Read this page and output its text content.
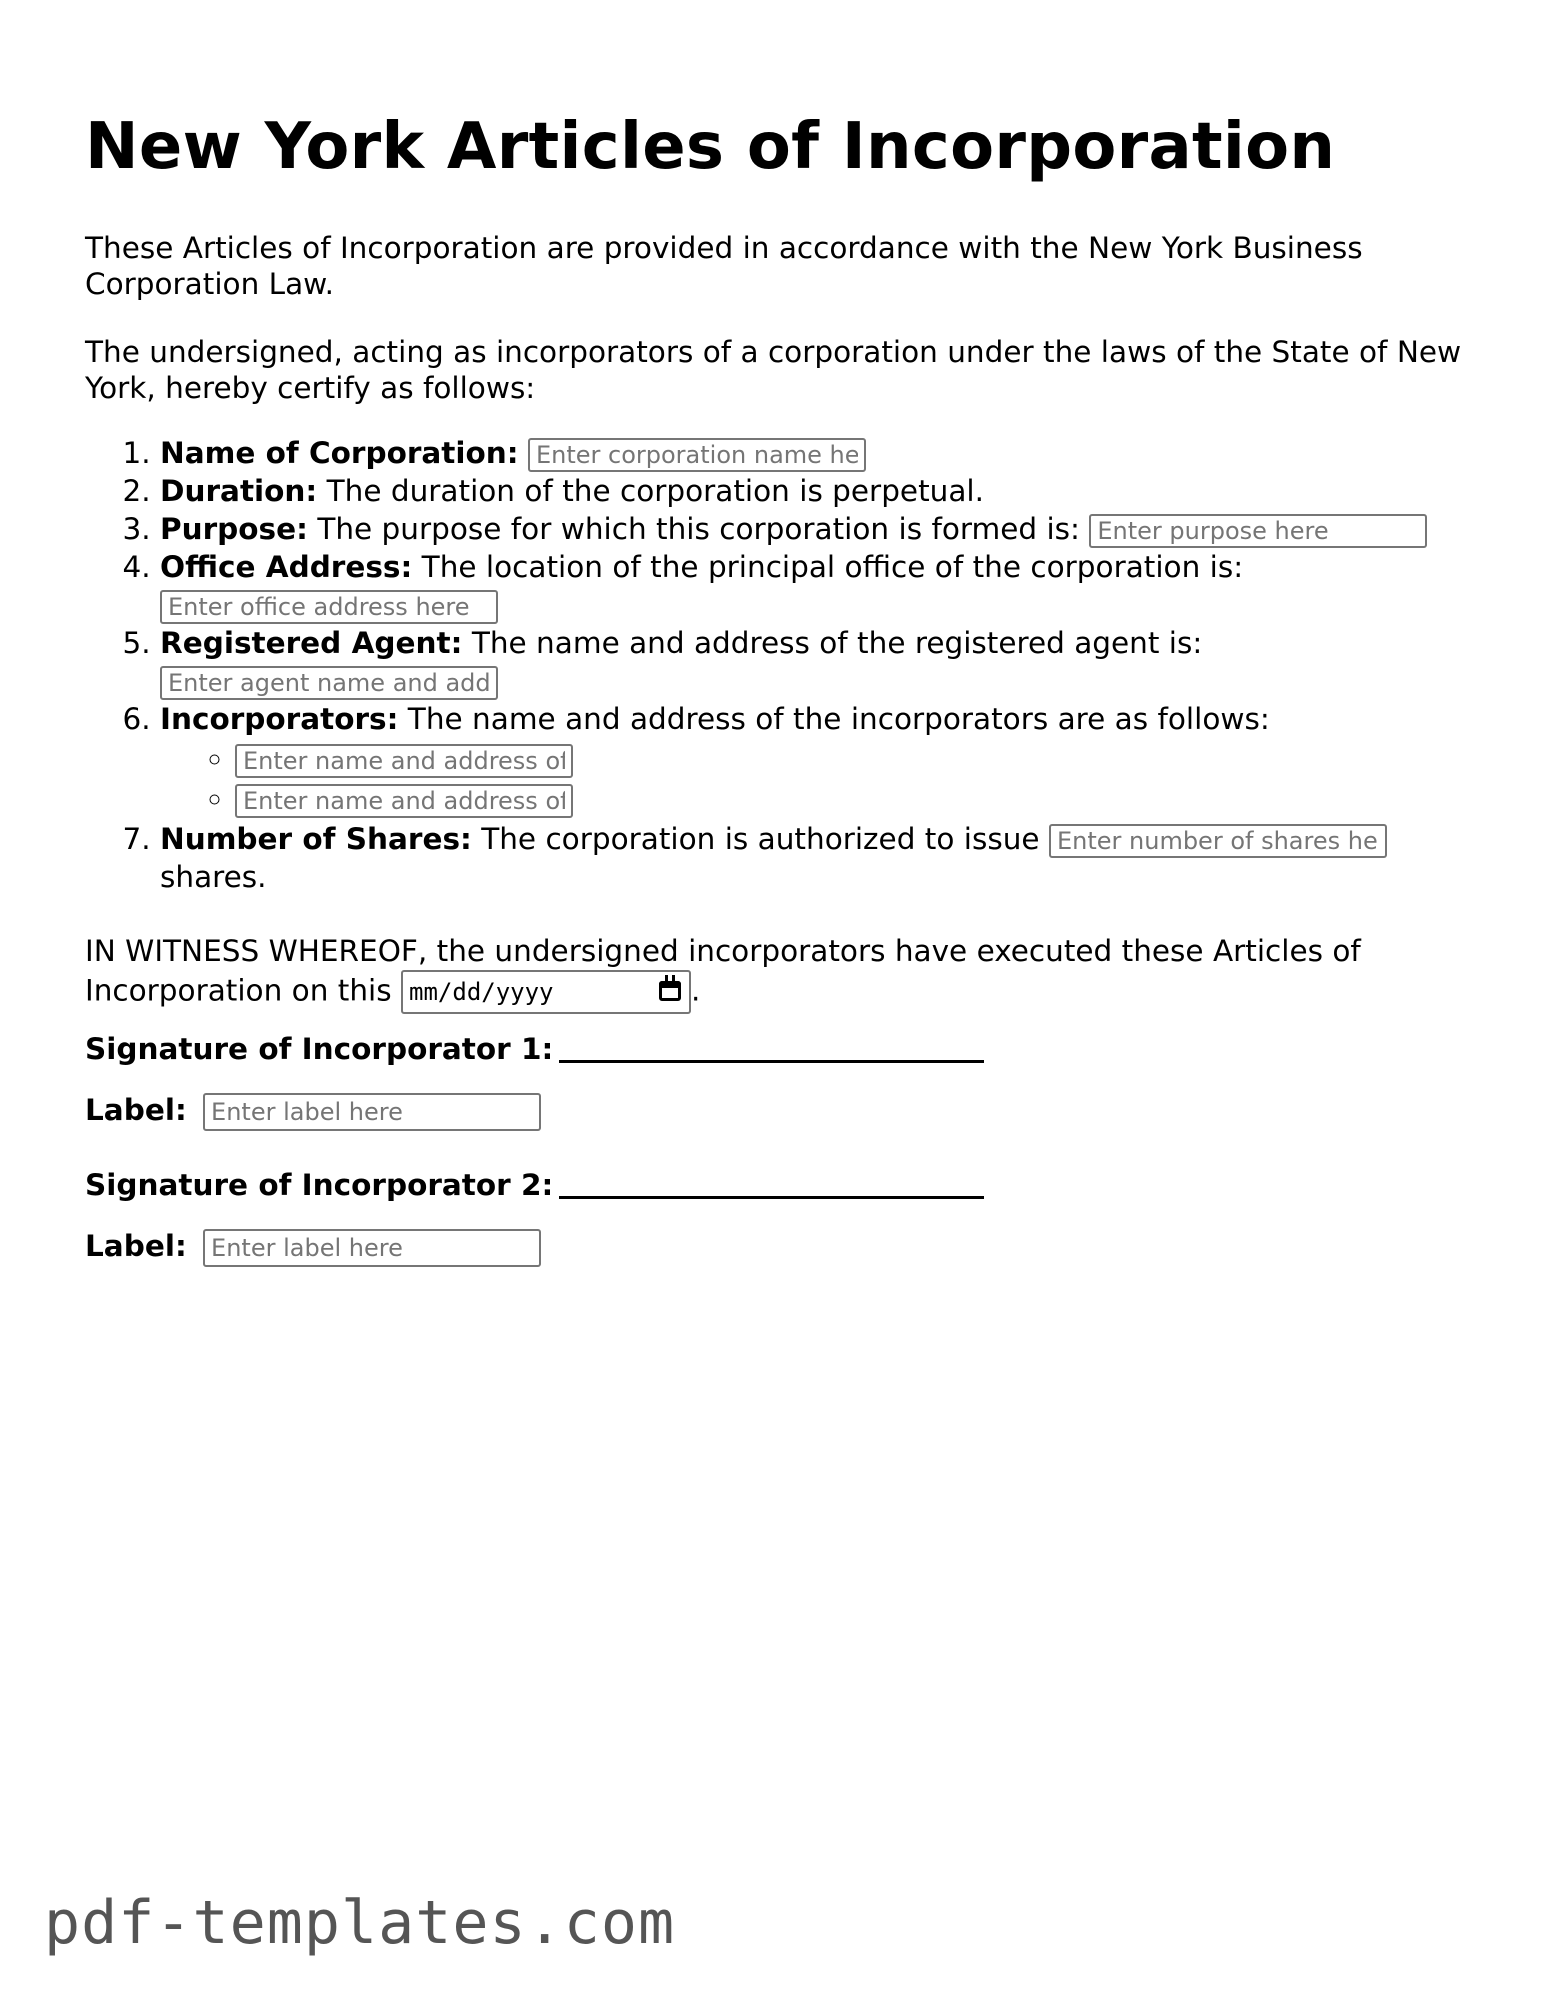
New York Articles of Incorporation

These Articles of Incorporation are provided in accordance with the New York Business Corporation Law.

The undersigned, acting as incorporators of a corporation under the laws of the State of New York, hereby certify as follows:

1. Name of Corporation: Enter corporation name here
2. Duration: The duration of the corporation is perpetual.
3. Purpose: The purpose for which this corporation is formed is: Enter purpose here
4. Office Address: The location of the principal office of the corporation is:
Enter office address here
5. Registered Agent: The name and address of the registered agent is:
Enter agent name and address here
6. Incorporators: The name and address of the incorporators are as follows:
◦ Enter name and address of incorporator
◦ Enter name and address of incorporator
7. Number of Shares: The corporation is authorized to issue Enter number of shares here shares.

IN WITNESS WHEREOF, the undersigned incorporators have executed these Articles of Incorporation on this mm/dd/yyyy	.

Signature of Incorporator 1:
Label: Enter label here
Signature of Incorporator 2:
Label: Enter label here
pdf-templates.com
